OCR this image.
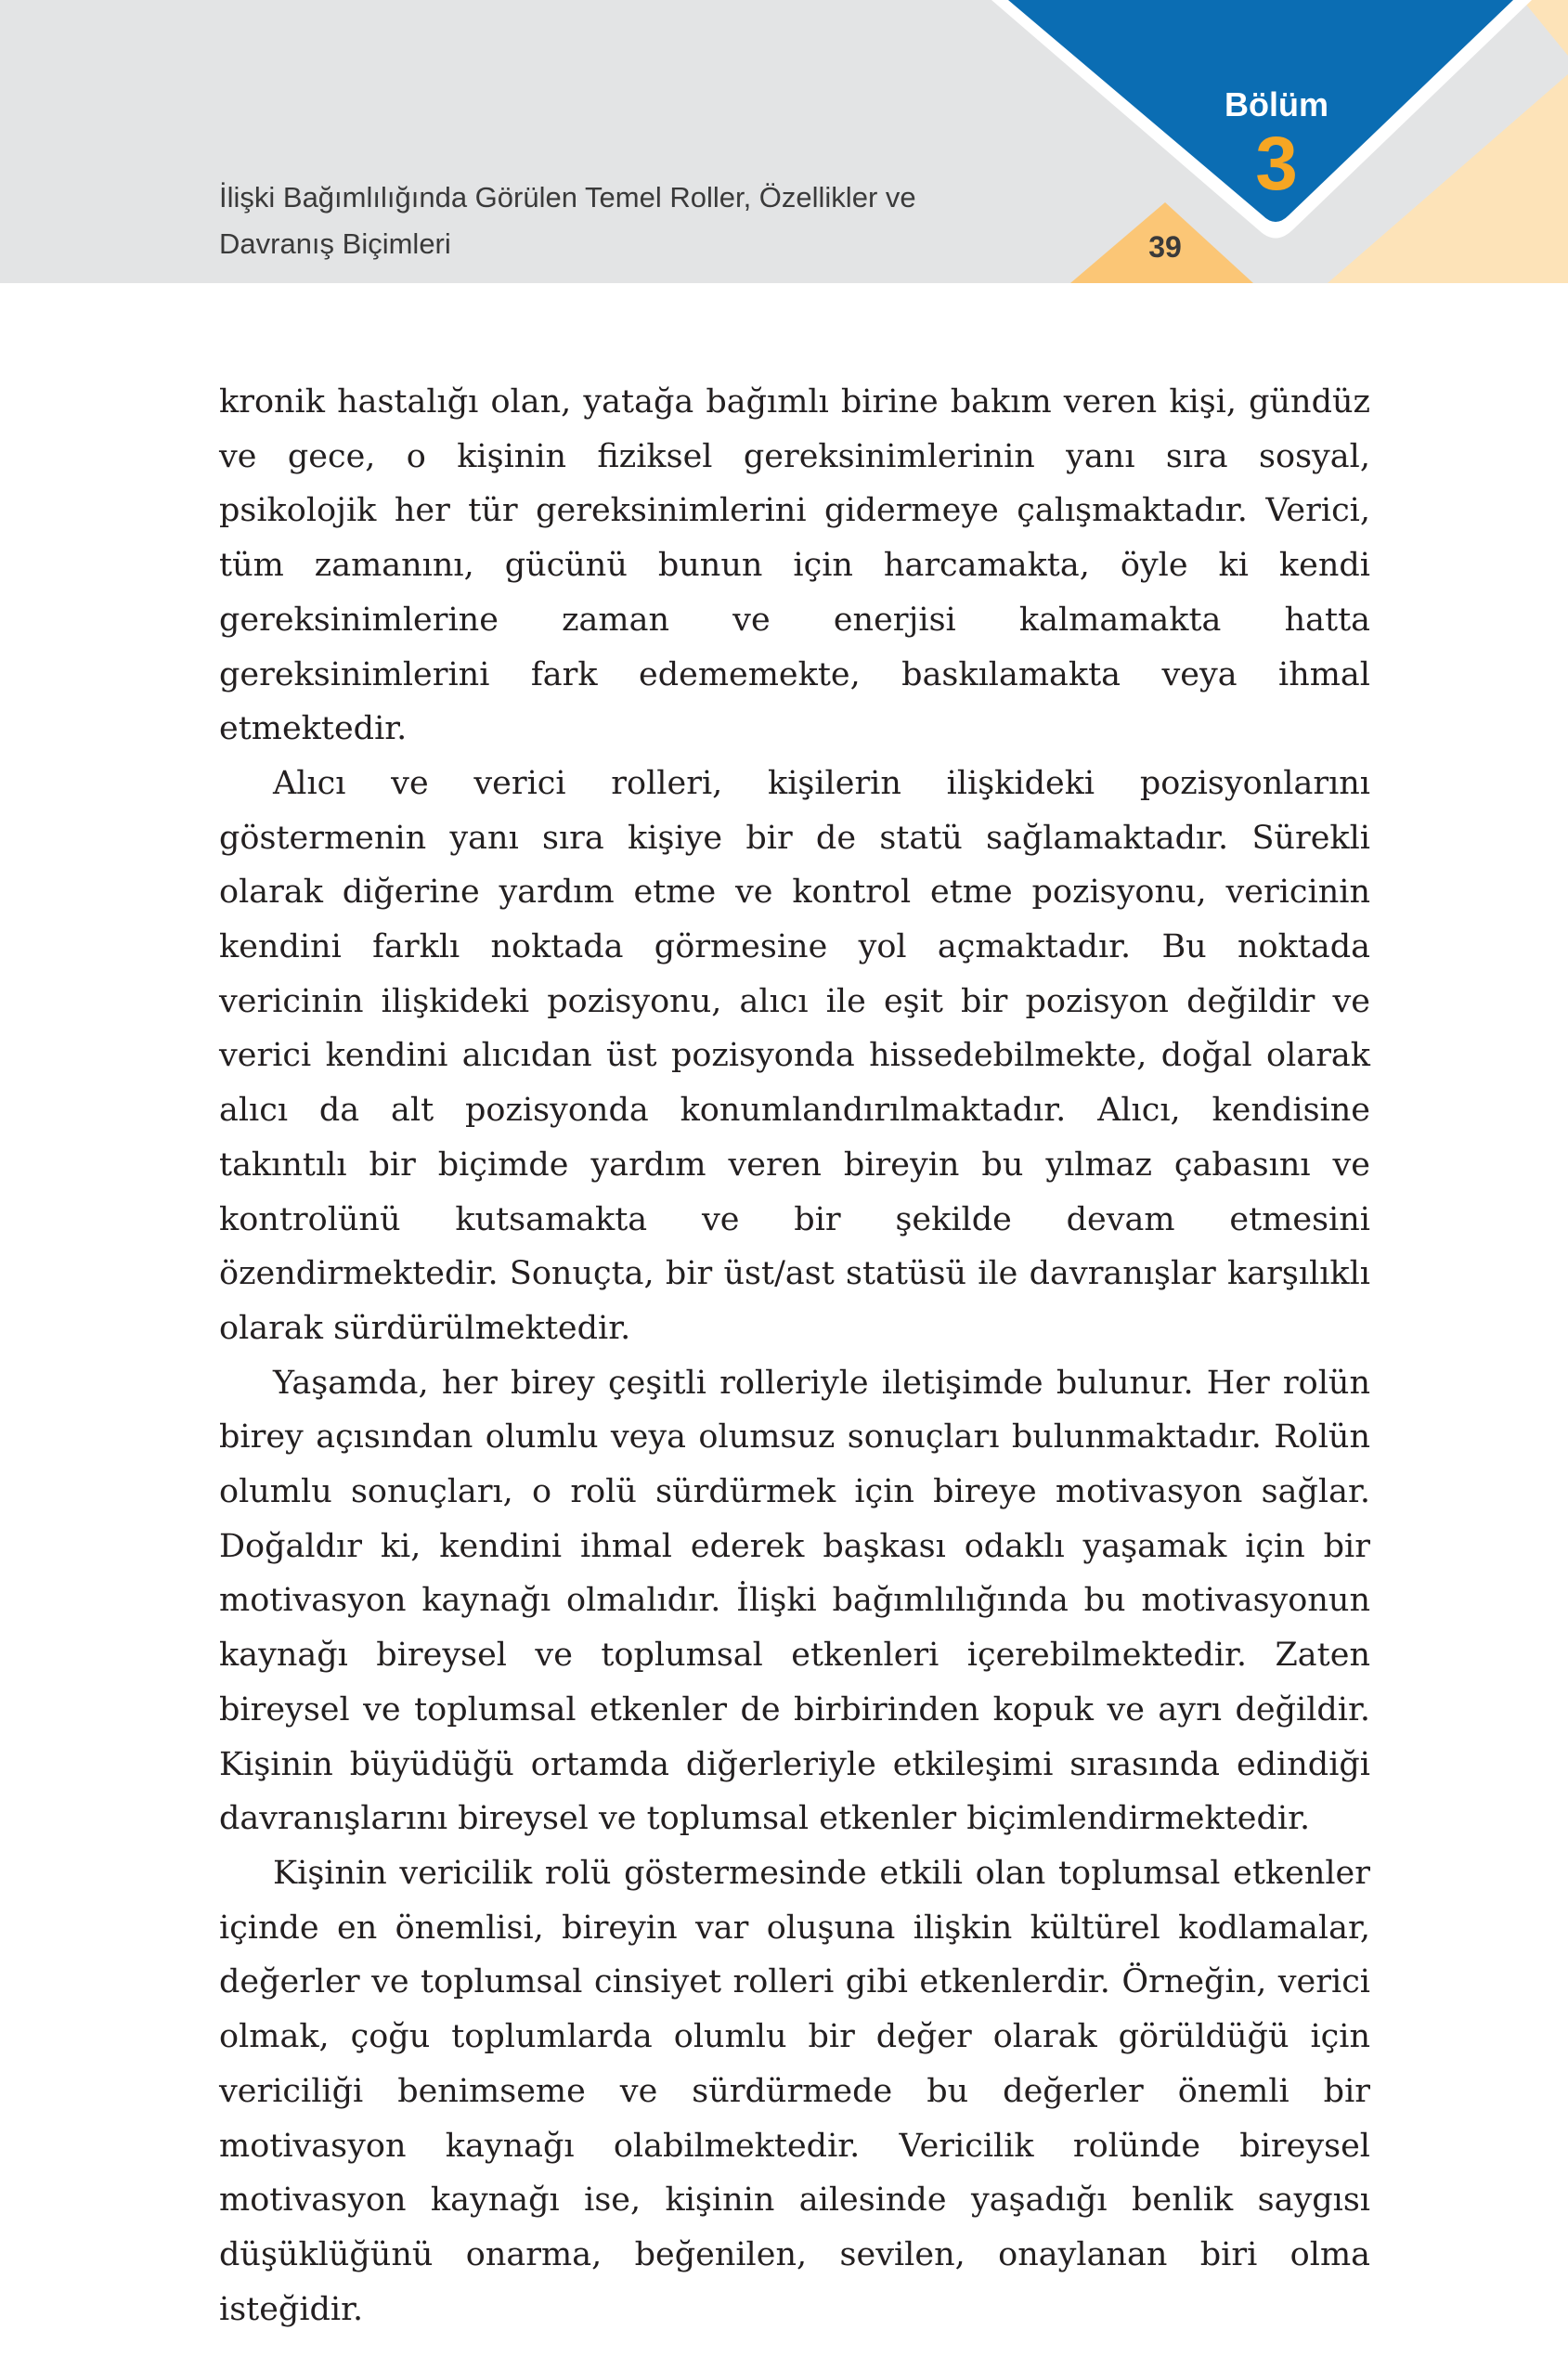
İlişki Bağımlılığında Görülen Temel Roller, Özellikler ve
Davranış Biçimleri
Bölüm
3
39

kronik hastalığı olan, yatağa bağımlı birine bakım veren kişi, gündüz ve gece, o kişinin fiziksel gereksinimlerinin yanı sıra sosyal, psikolojik her tür gereksinimlerini gidermeye çalışmaktadır. Verici, tüm zamanını, gücünü bunun için harcamakta, öyle ki kendi gereksinimlerine zaman ve enerjisi kalmamakta hatta gereksinimlerini fark edememekte, baskılamakta veya ihmal etmektedir.

Alıcı ve verici rolleri, kişilerin ilişkideki pozisyonlarını göstermenin yanı sıra kişiye bir de statü sağlamaktadır. Sürekli olarak diğerine yardım etme ve kontrol etme pozisyonu, vericinin kendini farklı noktada görmesine yol açmaktadır. Bu noktada vericinin ilişkideki pozisyonu, alıcı ile eşit bir pozisyon değildir ve verici kendini alıcıdan üst pozisyonda hissedebilmekte, doğal olarak alıcı da alt pozisyonda konumlandırılmaktadır. Alıcı, kendisine takıntılı bir biçimde yardım veren bireyin bu yılmaz çabasını ve kontrolünü kutsamakta ve bir şekilde devam etmesini özendirmektedir. Sonuçta, bir üst/ast statüsü ile davranışlar karşılıklı olarak sürdürülmektedir.

Yaşamda, her birey çeşitli rolleriyle iletişimde bulunur. Her rolün birey açısından olumlu veya olumsuz sonuçları bulunmaktadır. Rolün olumlu sonuçları, o rolü sürdürmek için bireye motivasyon sağlar. Doğaldır ki, kendini ihmal ederek başkası odaklı yaşamak için bir motivasyon kaynağı olmalıdır. İlişki bağımlılığında bu motivasyonun kaynağı bireysel ve toplumsal etkenleri içerebilmektedir. Zaten bireysel ve toplumsal etkenler de birbirinden kopuk ve ayrı değildir. Kişinin büyüdüğü ortamda diğerleriyle etkileşimi sırasında edindiği davranışlarını bireysel ve toplumsal etkenler biçimlendirmektedir.

Kişinin vericilik rolü göstermesinde etkili olan toplumsal etkenler içinde en önemlisi, bireyin var oluşuna ilişkin kültürel kodlamalar, değerler ve toplumsal cinsiyet rolleri gibi etkenlerdir. Örneğin, verici olmak, çoğu toplumlarda olumlu bir değer olarak görüldüğü için vericiliği benimseme ve sürdürmede bu değerler önemli bir motivasyon kaynağı olabilmektedir. Vericilik rolünde bireysel motivasyon kaynağı ise, kişinin ailesinde yaşadığı benlik saygısı düşüklüğünü onarma, beğenilen, sevilen, onaylanan biri olma isteğidir.
